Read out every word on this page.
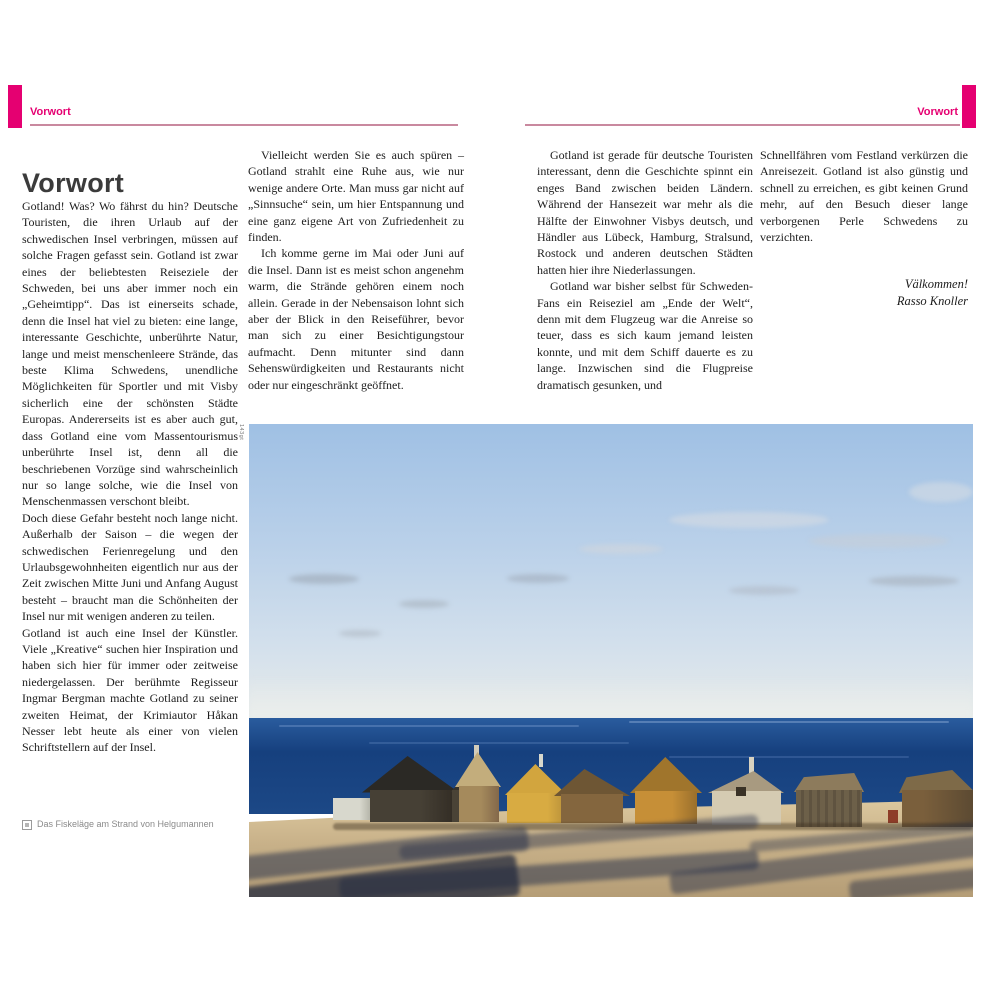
Vorwort	Vorwort
Vorwort

Gotland! Was? Wo fährst du hin? Deutsche Touristen, die ihren Urlaub auf der schwedischen Insel verbringen, müssen auf solche Fragen gefasst sein. Gotland ist zwar eines der beliebtesten Reiseziele der Schweden, bei uns aber immer noch ein „Geheimtipp“. Das ist einerseits schade, denn die Insel hat viel zu bieten: eine lange, interessante Geschichte, unberührte Natur, lange und meist menschenleere Strände, das beste Klima Schwedens, unendliche Möglichkeiten für Sportler und mit Visby sicherlich eine der schönsten Städte Europas. Andererseits ist es aber auch gut, dass Gotland eine vom Massentourismus unberührte Insel ist, denn all die beschriebenen Vorzüge sind wahrscheinlich nur so lange solche, wie die Insel von Menschenmassen verschont bleibt.

Doch diese Gefahr besteht noch lange nicht. Außerhalb der Saison – die wegen der schwedischen Ferienregelung und den Urlaubsgewohnheiten eigentlich nur aus der Zeit zwischen Mitte Juni und Anfang August besteht – braucht man die Schönheiten der Insel nur mit wenigen anderen zu teilen.

Gotland ist auch eine Insel der Künstler. Viele „Kreative“ suchen hier Inspiration und haben sich hier für immer oder zeitweise niedergelassen. Der berühmte Regisseur Ingmar Bergman machte Gotland zu seiner zweiten Heimat, der Krimiautor Håkan Nesser lebt heute als einer von vielen Schriftstellern auf der Insel.

Vielleicht werden Sie es auch spüren – Gotland strahlt eine Ruhe aus, wie nur wenige andere Orte. Man muss gar nicht auf „Sinnsuche“ sein, um hier Entspannung und eine ganz eigene Art von Zufriedenheit zu finden.

Ich komme gerne im Mai oder Juni auf die Insel. Dann ist es meist schon angenehm warm, die Strände gehören einem noch allein. Gerade in der Nebensaison lohnt sich aber der Blick in den Reiseführer, bevor man sich zu einer Besichtigungstour aufmacht. Denn mitunter sind dann Sehenswürdigkeiten und Restaurants nicht oder nur eingeschränkt geöffnet.

Gotland ist gerade für deutsche Touristen interessant, denn die Geschichte spinnt ein enges Band zwischen beiden Ländern. Während der Hansezeit war mehr als die Hälfte der Einwohner Visbys deutsch, und Händler aus Lübeck, Hamburg, Stralsund, Rostock und anderen deutschen Städten hatten hier ihre Niederlassungen.

Gotland war bisher selbst für Schweden-Fans ein Reiseziel am „Ende der Welt“, denn mit dem Flugzeug war die Anreise so teuer, dass es sich kaum jemand leisten konnte, und mit dem Schiff dauerte es zu lange. Inzwischen sind die Flugpreise dramatisch gesunken, und

Schnellfähren vom Festland verkürzen die Anreisezeit. Gotland ist also günstig und schnell zu erreichen, es gibt keinen Grund mehr, auf den Besuch dieser lange verborgenen Perle Schwedens zu verzichten.

Välkommen!
Rasso Knoller
Das Fiskeläge am Strand von Helgumannen
143gt
